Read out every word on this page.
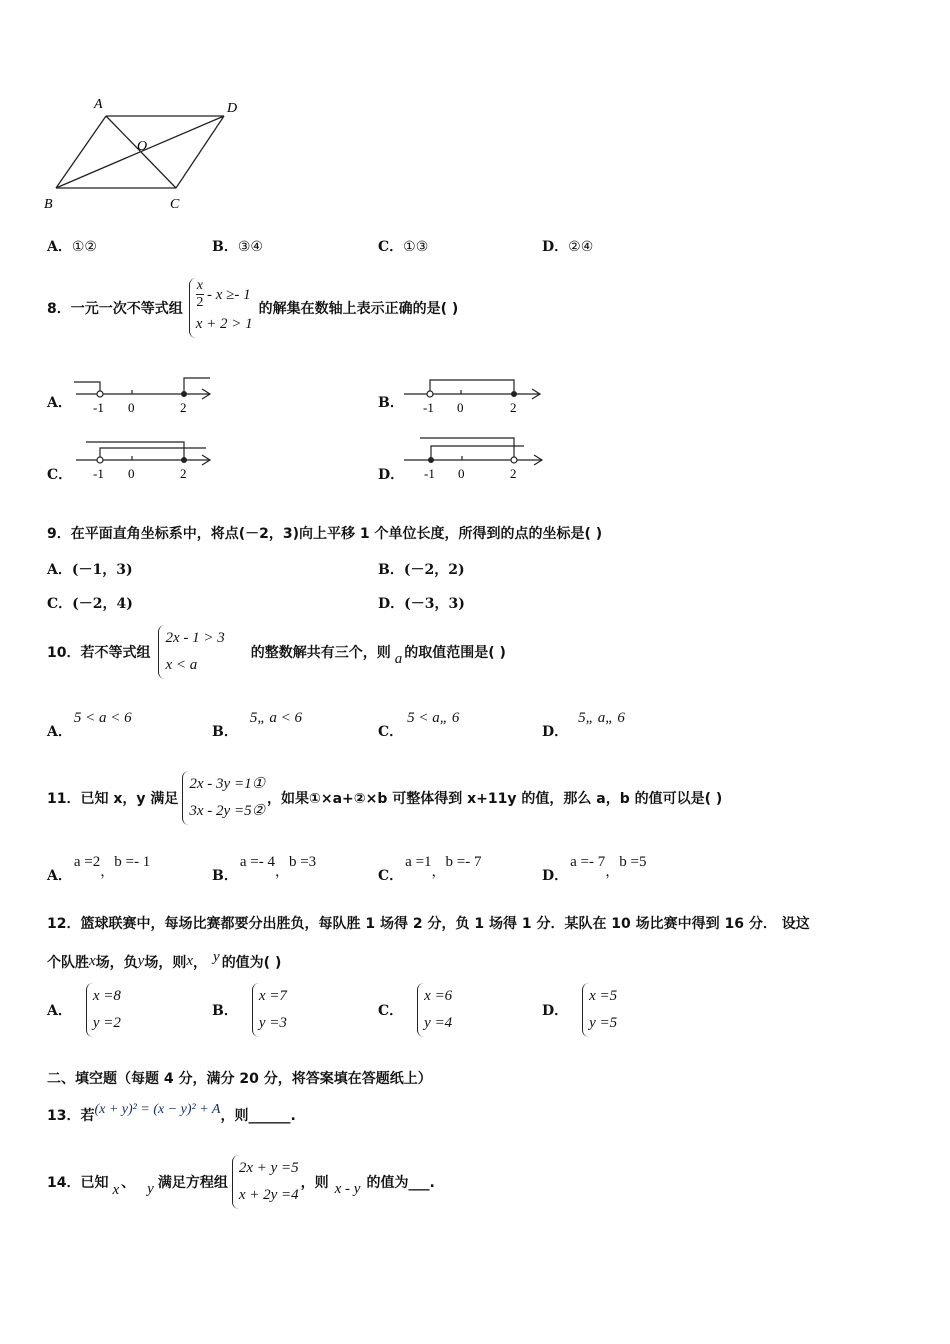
A	D
O
B	C
A．①②	B．③④	C．①③	D．②④
8． 一元一次不等式组
x
2 - x ≥- 1
x + 2 > 1
的解集在数轴上表示正确的是( )
A． -1 0	2	B． -1 0	2
C． -1 0	2	D． -1 0	2
9．在平面直角坐标系中，将点(－2，3)向上平移 1 个单位长度，所得到的点的坐标是( )
A．(－1，3)	B．(－2，2)
C．(－2，4)	D．(－3，3)
10． 若不等式组
2x - 1 > 3
x < a
的整数解共有三个，则 a 的取值范围是( )
A．5 < a < 6
B．5„ a < 6
C．5 < a„ 6
D．5„ a„ 6
11． 已知 x，y 满足
2x - 3y =1①
3x - 2y =5②
，如果①×a+②×b 可整体得到 x+11y 的值，那么 a，b 的值可以是( )
A．a =2，b =- 1
B．a =- 4，b =3
C．a =1，b =- 7
D．a =- 7，b =5
12．篮球联赛中，每场比赛都要分出胜负，每队胜 1 场得 2 分，负 1 场得 1 分．某队在 10 场比赛中得到 16 分． 设这
个队胜x场，负y场，则x， y 的值为( )
A．
x =8
y =2
B．
x =7
y =3
C．
x =6
y =4
D．
x =5
y =5
二、填空题（每题 4 分，满分 20 分，将答案填在答题纸上）
13． 若 (x + y)² = (x − y)² + A ，则______.
14． 已知 x 、 y 满足方程组
2x + y =5
x + 2y =4
，则 x - y 的值为___.
